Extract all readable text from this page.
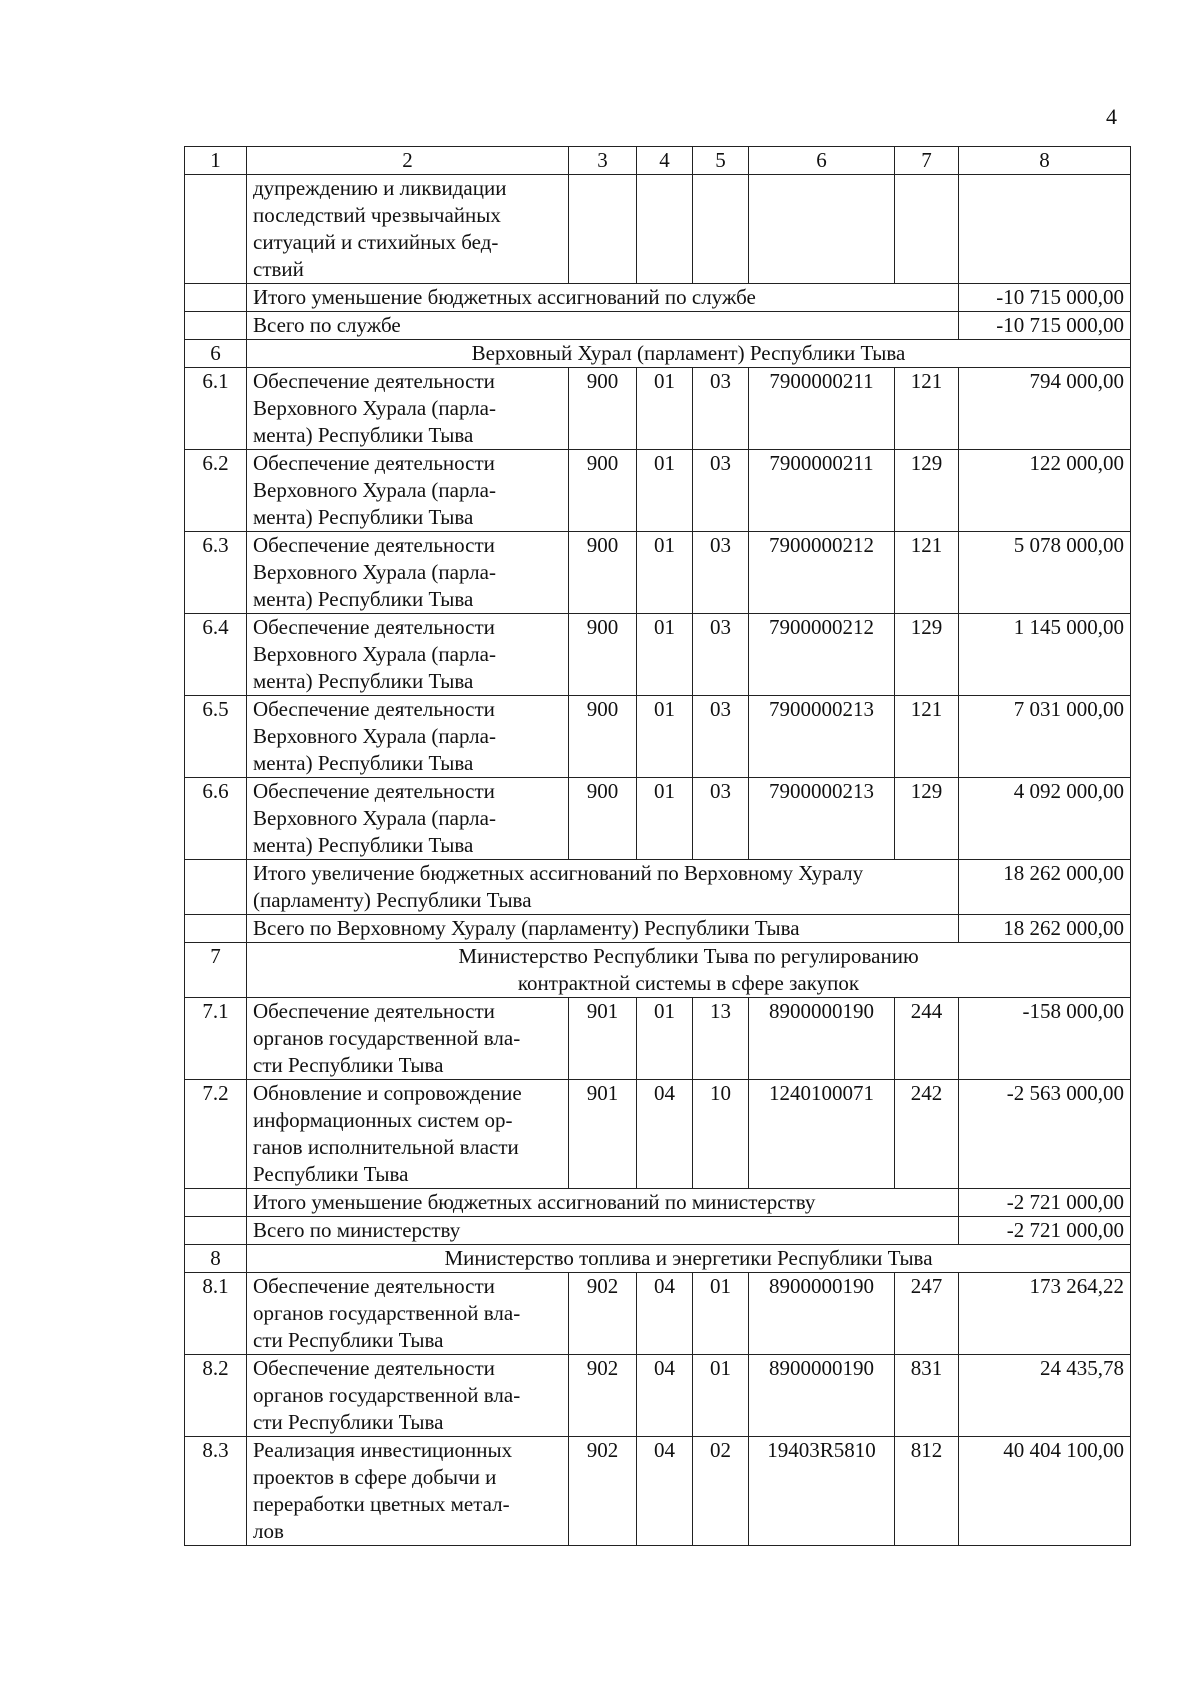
4
1	2	3	4	5	6	7	8

	дупреждению и ликвидации
последствий чрезвычайных
ситуаций и стихийных бед-
ствий						

	Итого уменьшение бюджетных ассигнований по службе						-10 715 000,00

	Всего по службе						-10 715 000,00
6	Верховный Хурал (парламент) Республики Тыва						

6.1	Обеспечение деятельности
Верховного Хурала (парла-
мента) Республики Тыва	900	01	03	7900000211	121	794 000,00
6.2	Обеспечение деятельности
Верховного Хурала (парла-
мента) Республики Тыва	900	01	03	7900000211	129	122 000,00
6.3	Обеспечение деятельности
Верховного Хурала (парла-
мента) Республики Тыва	900	01	03	7900000212	121	5 078 000,00
6.4	Обеспечение деятельности
Верховного Хурала (парла-
мента) Республики Тыва	900	01	03	7900000212	129	1 145 000,00
6.5	Обеспечение деятельности
Верховного Хурала (парла-
мента) Республики Тыва	900	01	03	7900000213	121	7 031 000,00
6.6	Обеспечение деятельности
Верховного Хурала (парла-
мента) Республики Тыва	900	01	03	7900000213	129	4 092 000,00

	Итого увеличение бюджетных ассигнований по Верховному Хуралу
(парламенту) Республики Тыва						18 262 000,00

	Всего по Верховному Хуралу (парламенту) Республики Тыва						18 262 000,00
7	Министерство Республики Тыва по регулированию
контрактной системы в сфере закупок						

7.1	Обеспечение деятельности
органов государственной вла-
сти Республики Тыва	901	01	13	8900000190	244	-158 000,00
7.2	Обновление и сопровождение
информационных систем ор-
ганов исполнительной власти
Республики Тыва	901	04	10	1240100071	242	-2 563 000,00

	Итого уменьшение бюджетных ассигнований по министерству						-2 721 000,00

	Всего по министерству						-2 721 000,00
8	Министерство топлива и энергетики Республики Тыва						

8.1	Обеспечение деятельности
органов государственной вла-
сти Республики Тыва	902	04	01	8900000190	247	173 264,22
8.2	Обеспечение деятельности
органов государственной вла-
сти Республики Тыва	902	04	01	8900000190	831	24 435,78
8.3	Реализация инвестиционных
проектов в сфере добычи и
переработки цветных метал-
лов	902	04	02	19403R5810	812	40 404 100,00
